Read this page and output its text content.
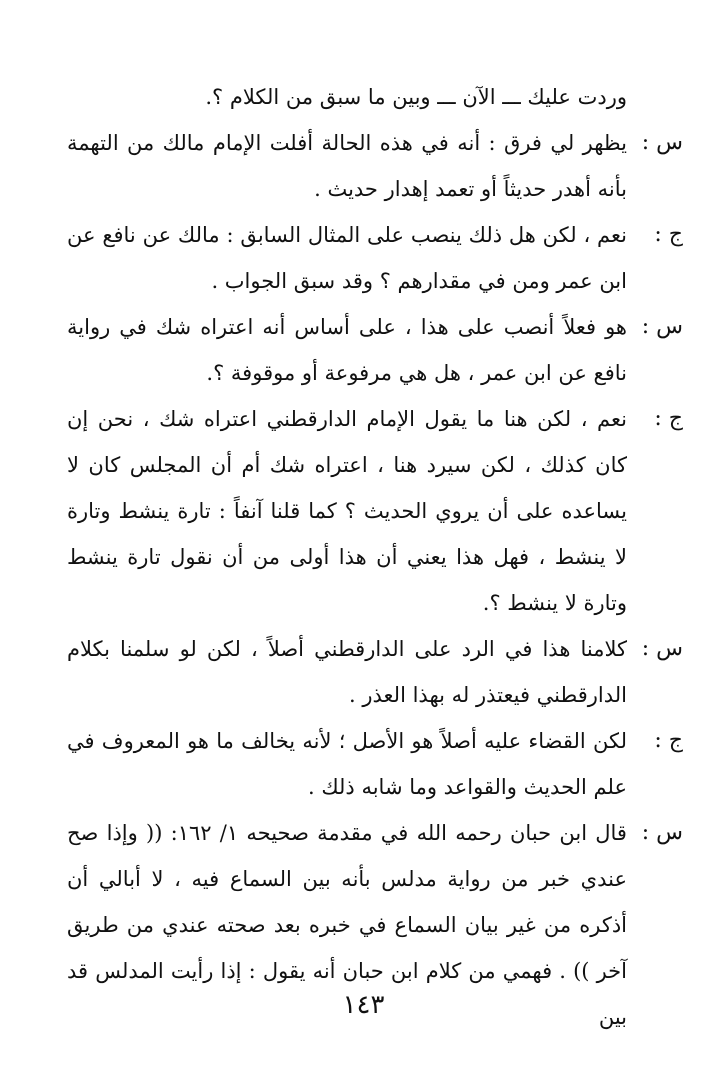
وردت عليك ـــ الآن ـــ وبين ما سبق من الكلام ؟.
س :
يظهر لي فرق : أنه في هذه الحالة أفلت الإمام مالك من التهمة بأنه أهدر حديثاً أو تعمد إهدار حديث .
ج :
نعم ، لكن هل ذلك ينصب على المثال السابق : مالك عن نافع عن ابن عمر ومن في مقدارهم ؟ وقد سبق الجواب .
س :
هو فعلاً أنصب على هذا ، على أساس أنه اعتراه شك في رواية نافع عن ابن عمر ، هل هي مرفوعة أو موقوفة ؟.
ج :
نعم ، لكن هنا ما يقول الإمام الدارقطني اعتراه شك ، نحن إن كان كذلك ، لكن سيرد هنا ، اعتراه شك أم أن المجلس كان لا يساعده على أن يروي الحديث ؟ كما قلنا آنفاً : تارة ينشط وتارة لا ينشط ، فهل هذا يعني أن هذا أولى من أن نقول تارة ينشط وتارة لا ينشط ؟.
س :
كلامنا هذا في الرد على الدارقطني أصلاً ، لكن لو سلمنا بكلام الدارقطني فيعتذر له بهذا العذر .
ج :
لكن القضاء عليه أصلاً هو الأصل ؛ لأنه يخالف ما هو المعروف في علم الحديث والقواعد وما شابه ذلك .
س :
قال ابن حبان رحمه الله في مقدمة صحيحه ١/ ١٦٢: (( وإذا صح عندي خبر من رواية مدلس بأنه بين السماع فيه ، لا أبالي أن أذكره من غير بيان السماع في خبره بعد صحته عندي من طريق آخر )) . فهمي من كلام ابن حبان أنه يقول : إذا رأيت المدلس قد بين
١٤٣
